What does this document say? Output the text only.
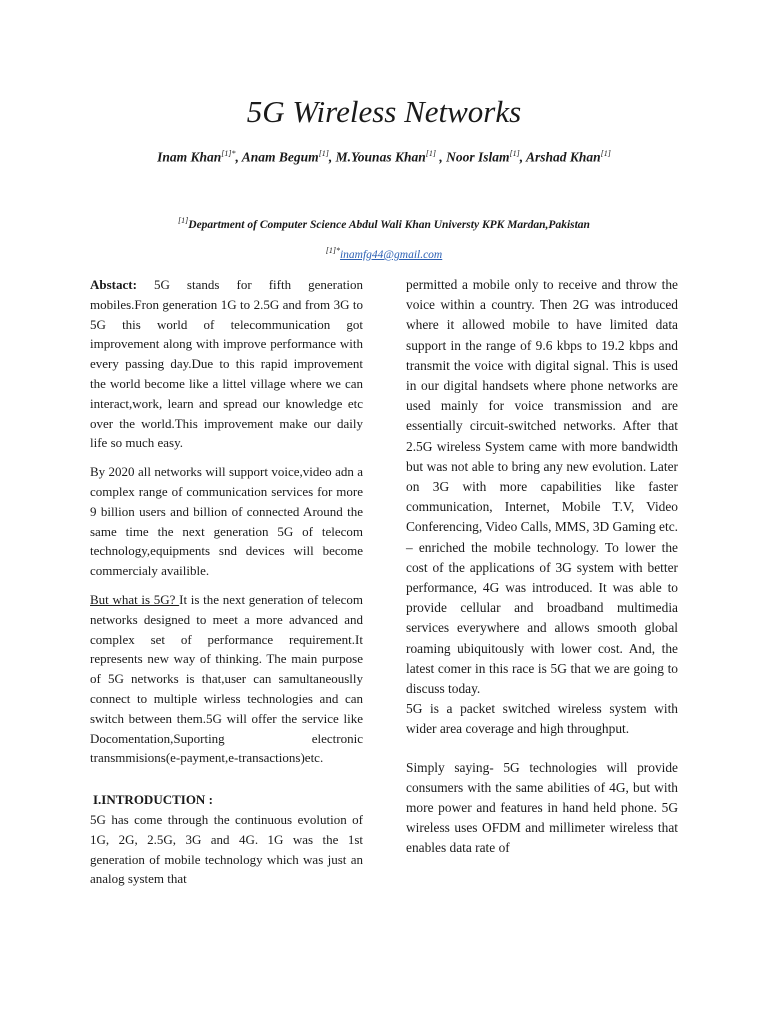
5G Wireless Networks
Inam Khan$^{[1]*}$, Anam Begum[1], M.Younas Khan[1] , Noor Islam[1], Arshad Khan[1]
[1]Department of Computer Science Abdul Wali Khan Universty KPK Mardan,Pakistan
$^{[1]*}$inamfg44@gmail.com

Abstact: 5G stands for fifth generation mobiles.Fron generation 1G to 2.5G and from 3G to 5G this world of telecommunication got improvement along with improve performance with every passing day.Due to this rapid improvement the world become like a littel village where we can interact,work, learn and spread our knowledge etc over the world.This improvement make our daily life so much easy.

By 2020 all networks will support voice,video adn a complex range of communication services for more 9 billion users and billion of connected Around the same time the next generation 5G of telecom technology,equipments snd devices will become commercialy availible.

But what is 5G? It is the next generation of telecom networks designed to meet a more advanced and complex set of performance requirement.It represents new way of thinking. The main purpose of 5G networks is that,user can samultaneouslly connect to multiple wirless technologies and can switch between them.5G will offer the service like Docomentation,Suporting electronic transmmisions(e-payment,e-transactions)etc.

I.INTRODUCTION :

5G has come through the continuous evolution of 1G, 2G, 2.5G, 3G and 4G. 1G was the 1st generation of mobile technology which was just an analog system that

permitted a mobile only to receive and throw the voice within a country. Then 2G was introduced where it allowed mobile to have limited data support in the range of 9.6 kbps to 19.2 kbps and transmit the voice with digital signal. This is used in our digital handsets where phone networks are used mainly for voice transmission and are essentially circuit-switched networks. After that 2.5G wireless System came with more bandwidth but was not able to bring any new evolution. Later on 3G with more capabilities like faster communication, Internet, Mobile T.V, Video Conferencing, Video Calls, MMS, 3D Gaming etc. – enriched the mobile technology. To lower the cost of the applications of 3G system with better performance, 4G was introduced. It was able to provide cellular and broadband multimedia services everywhere and allows smooth global roaming ubiquitously with lower cost. And, the latest comer in this race is 5G that we are going to discuss today.

5G is a packet switched wireless system with wider area coverage and high throughput.

Simply saying- 5G technologies will provide consumers with the same abilities of 4G, but with more power and features in hand held phone. 5G wireless uses OFDM and millimeter wireless that enables data rate of
